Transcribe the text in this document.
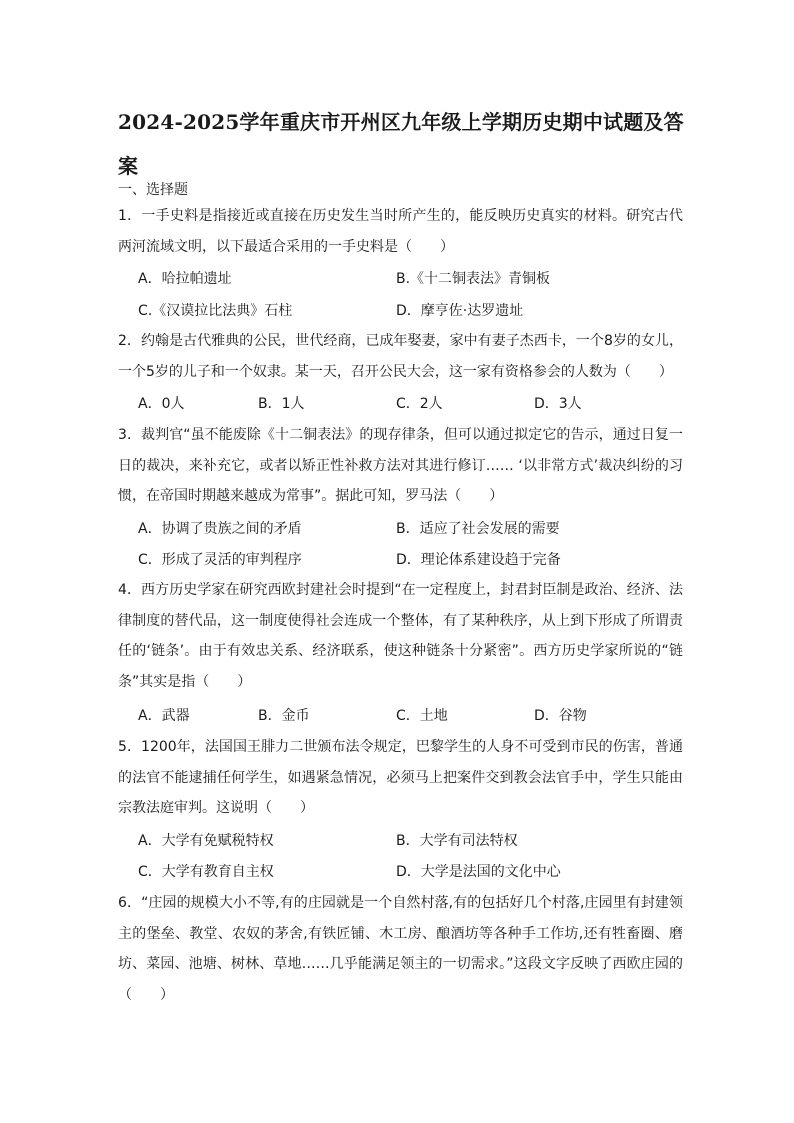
2024-2025学年重庆市开州区九年级上学期历史期中试题及答案
一、选择题
1．一手史料是指接近或直接在历史发生当时所产生的，能反映历史真实的材料。研究古代两河流域文明，以下最适合采用的一手史料是（　　）
A．哈拉帕遗址	B.《十二铜表法》青铜板
C.《汉谟拉比法典》石柱	D．摩亨佐·达罗遗址
2．约翰是古代雅典的公民，世代经商，已成年娶妻，家中有妻子杰西卡，一个8岁的女儿，一个5岁的儿子和一个奴隶。某一天，召开公民大会，这一家有资格参会的人数为（　　）
A．0人	B．1人	C．2人	D．3人
3．裁判官“虽不能废除《十二铜表法》的现存律条，但可以通过拟定它的告示，通过日复一日的裁决，来补充它，或者以矫正性补救方法对其进行修订…… ‘以非常方式’裁决纠纷的习惯，在帝国时期越来越成为常事”。据此可知，罗马法（　　）
A．协调了贵族之间的矛盾	B．适应了社会发展的需要
C．形成了灵活的审判程序	D．理论体系建设趋于完备
4．西方历史学家在研究西欧封建社会时提到“在一定程度上，封君封臣制是政治、经济、法律制度的替代品，这一制度使得社会连成一个整体，有了某种秩序，从上到下形成了所谓责任的‘链条’。由于有效忠关系、经济联系，使这种链条十分紧密”。西方历史学家所说的“链条”其实是指（　　）
A．武器	B．金币	C．土地	D．谷物
5．1200年，法国国王腓力二世颁布法令规定，巴黎学生的人身不可受到市民的伤害，普通的法官不能逮捕任何学生，如遇紧急情况，必须马上把案件交到教会法官手中，学生只能由宗教法庭审判。这说明（　　）
A．大学有免赋税特权	B．大学有司法特权
C．大学有教育自主权	D．大学是法国的文化中心
6．“庄园的规模大小不等,有的庄园就是一个自然村落,有的包括好几个村落,庄园里有封建领主的堡垒、教堂、农奴的茅舍,有铁匠铺、木工房、酿酒坊等各种手工作坊,还有牲畜圈、磨坊、菜园、池塘、树林、草地……几乎能满足领主的一切需求。”这段文字反映了西欧庄园的（　　）
